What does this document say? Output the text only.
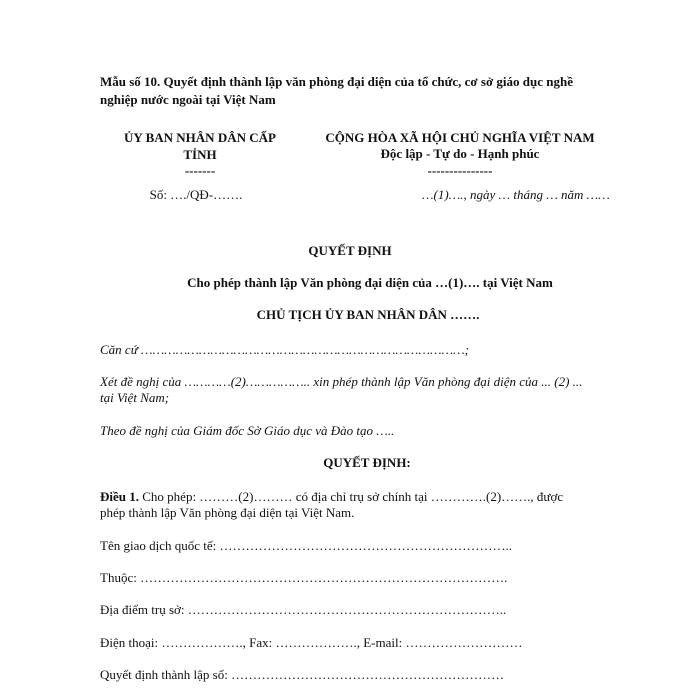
Mẫu số 10. Quyết định thành lập văn phòng đại diện của tổ chức, cơ sở giáo dục nghề
nghiệp nước ngoài tại Việt Nam
ỦY BAN NHÂN DÂN CẤP
TỈNH
-------
Số: …./QĐ-…….
CỘNG HÒA XÃ HỘI CHỦ NGHĨA VIỆT NAM
Độc lập - Tự do - Hạnh phúc
---------------
…(1)…., ngày … tháng … năm ……
QUYẾT ĐỊNH
Cho phép thành lập Văn phòng đại diện của …(1)…. tại Việt Nam
CHỦ TỊCH ỦY BAN NHÂN DÂN …….
Căn cứ …………………………………………………………………………;
Xét đề nghị của …………(2)…………….. xin phép thành lập Văn phòng đại diện của ... (2) ...
tại Việt Nam;
Theo đề nghị của Giám đốc Sở Giáo dục và Đào tạo …..
QUYẾT ĐỊNH:
Điều 1. Cho phép: ………(2)……… có địa chỉ trụ sở chính tại ………….(2)……., được
phép thành lập Văn phòng đại diện tại Việt Nam.
Tên giao dịch quốc tế: …………………………………………………………..
Thuộc: ………………………………………………………………………….
Địa điểm trụ sở: ………………………………………………………………..
Điện thoại: ………………., Fax: ………………., E-mail: ………………………
Quyết định thành lập số: ………………………………………………………
